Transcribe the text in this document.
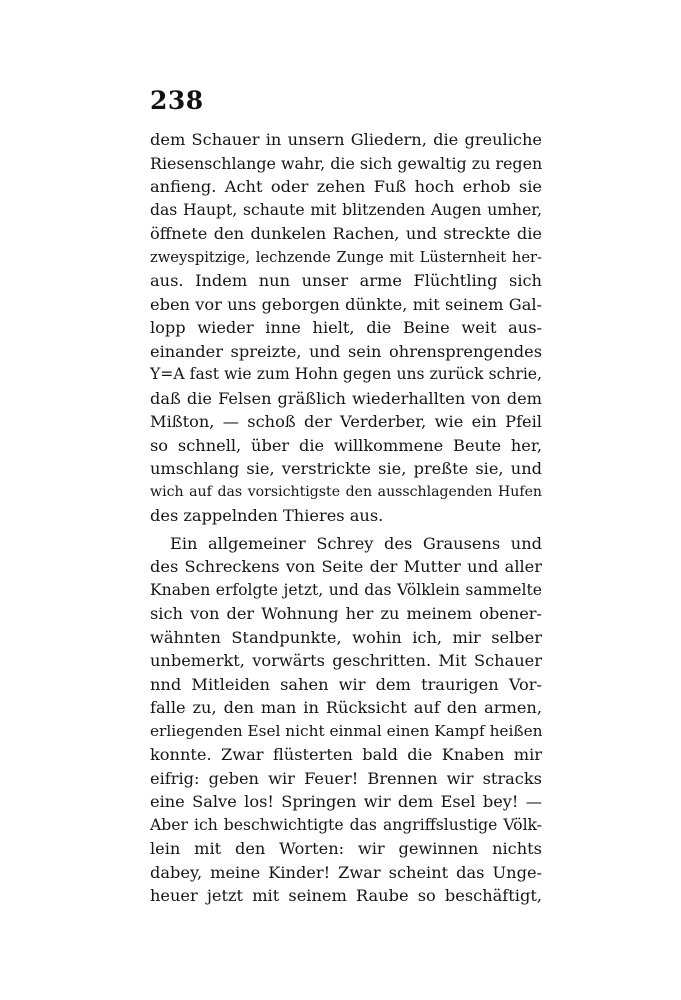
238
dem Schauer in unsern Gliedern, die greuliche
Riesenschlange wahr, die sich gewaltig zu regen
anfieng. Acht oder zehen Fuß hoch erhob sie
das Haupt, schaute mit blitzenden Augen umher,
öffnete den dunkelen Rachen, und streckte die
zweyspitzige, lechzende Zunge mit Lüsternheit her-
aus. Indem nun unser arme Flüchtling sich
eben vor uns geborgen dünkte, mit seinem Gal-
lopp wieder inne hielt, die Beine weit aus-
einander spreizte, und sein ohrensprengendes
Y=A fast wie zum Hohn gegen uns zurück schrie,
daß die Felsen gräßlich wiederhallten von dem
Mißton, — schoß der Verderber, wie ein Pfeil
so schnell, über die willkommene Beute her,
umschlang sie, verstrickte sie, preßte sie, und
wich auf das vorsichtigste den ausschlagenden Hufen
des zappelnden Thieres aus.
Ein allgemeiner Schrey des Grausens und
des Schreckens von Seite der Mutter und aller
Knaben erfolgte jetzt, und das Völklein sammelte
sich von der Wohnung her zu meinem obener-
wähnten Standpunkte, wohin ich, mir selber
unbemerkt, vorwärts geschritten. Mit Schauer
nnd Mitleiden sahen wir dem traurigen Vor-
falle zu, den man in Rücksicht auf den armen,
erliegenden Esel nicht einmal einen Kampf heißen
konnte. Zwar flüsterten bald die Knaben mir
eifrig: geben wir Feuer! Brennen wir stracks
eine Salve los! Springen wir dem Esel bey! —
Aber ich beschwichtigte das angriffslustige Völk-
lein mit den Worten: wir gewinnen nichts
dabey, meine Kinder! Zwar scheint das Unge-
heuer jetzt mit seinem Raube so beschäftigt,
